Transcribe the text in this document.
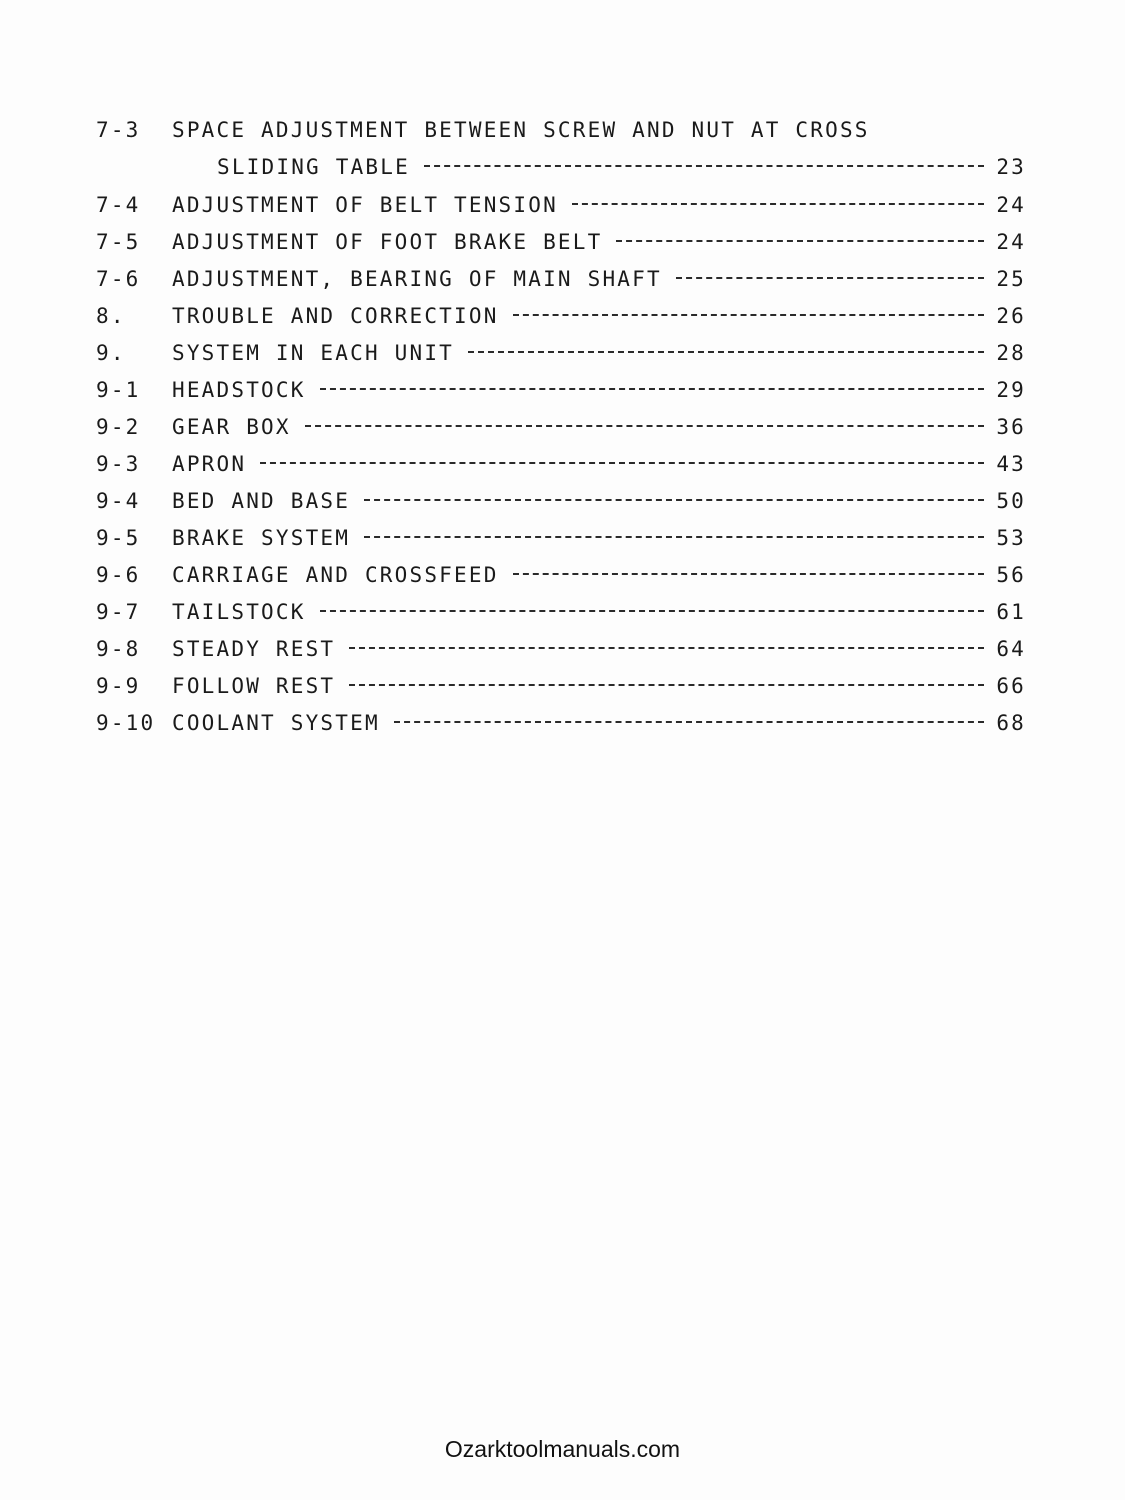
7-3	SPACE ADJUSTMENT BETWEEN SCREW AND NUT AT CROSS
SLIDING TABLE	23
7-4	ADJUSTMENT OF BELT TENSION	24
7-5	ADJUSTMENT OF FOOT BRAKE BELT	24
7-6	ADJUSTMENT, BEARING OF MAIN SHAFT	25
8.	TROUBLE AND CORRECTION	26
9.	SYSTEM IN EACH UNIT	28
9-1	HEADSTOCK	29
9-2	GEAR BOX	36
9-3	APRON	43
9-4	BED AND BASE	50
9-5	BRAKE SYSTEM	53
9-6	CARRIAGE AND CROSSFEED	56
9-7	TAILSTOCK	61
9-8	STEADY REST	64
9-9	FOLLOW REST	66
9-10 COOLANT SYSTEM	68
Ozarktoolmanuals.com
